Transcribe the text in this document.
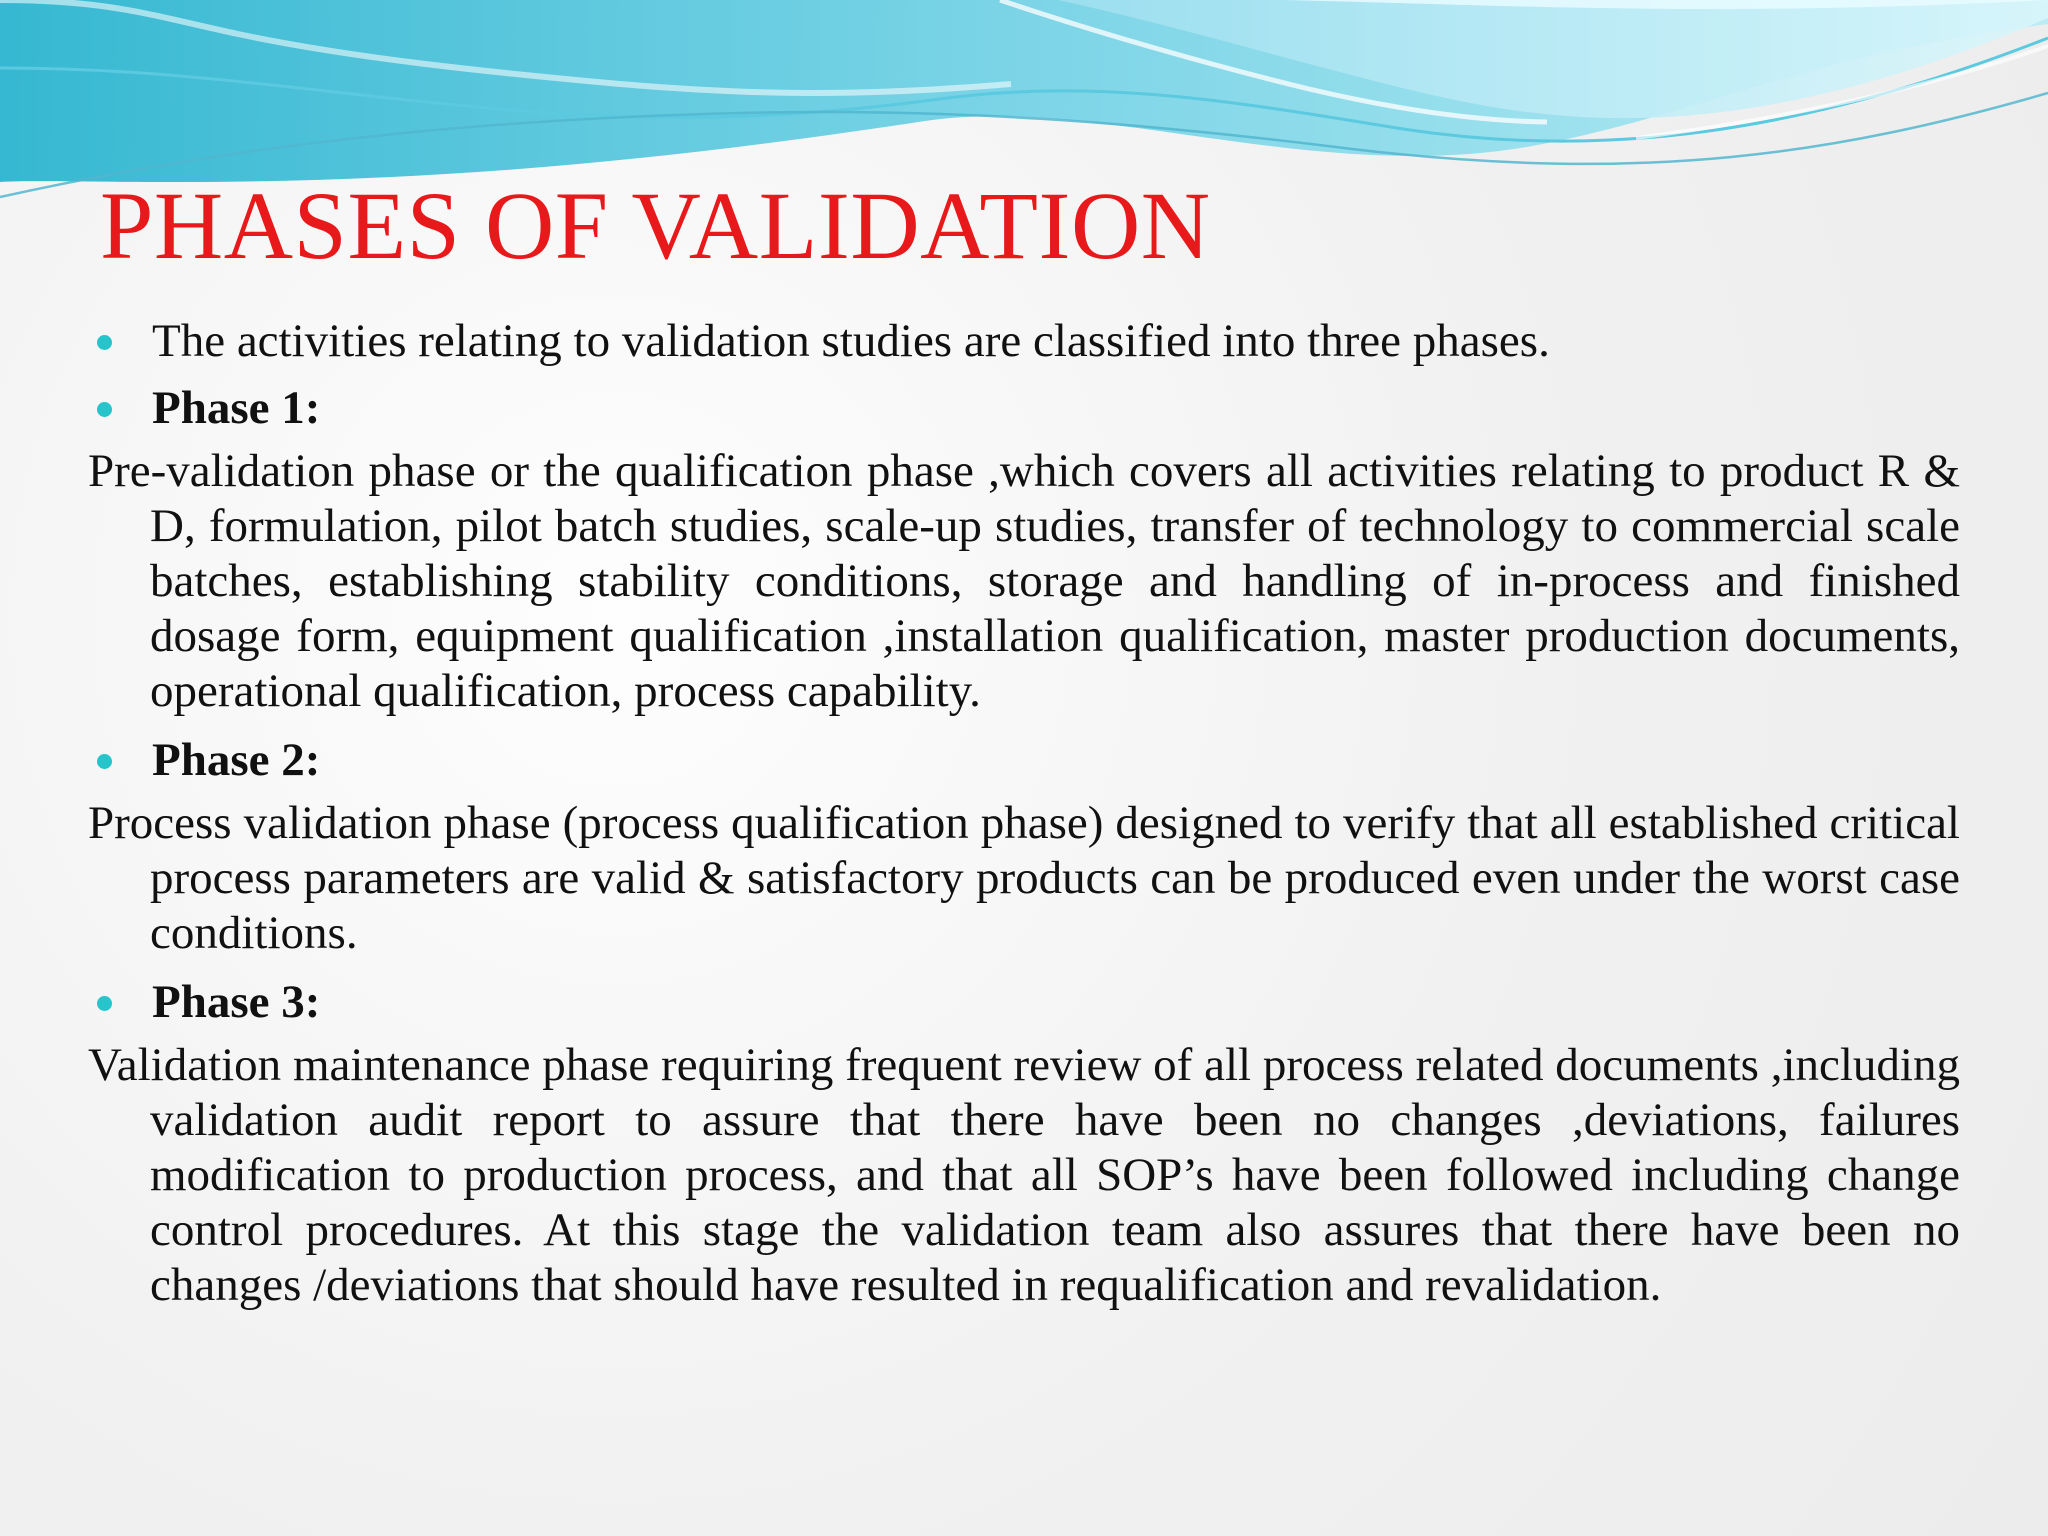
PHASES OF VALIDATION

The activities relating to validation studies are classified into three phases.

Phase 1:

Pre-validation phase or the qualification phase ,which covers all activities relating to product R & D, formulation, pilot batch studies, scale-up studies, transfer of technology to commercial scale batches, establishing stability conditions, storage and handling of in-process and finished dosage form, equipment qualification ,installation qualification, master production documents, operational qualification, process capability.

Phase 2:

Process validation phase (process qualification phase) designed to verify that all established critical process parameters are valid & satisfactory products can be produced even under the worst case conditions.

Phase 3:

Validation maintenance phase requiring frequent review of all process related documents ,including validation audit report to assure that there have been no changes ,deviations, failures modification to production process, and that all SOP’s have been followed including change control procedures. At this stage the validation team also assures that there have been no changes /deviations that should have resulted in requalification and revalidation.
